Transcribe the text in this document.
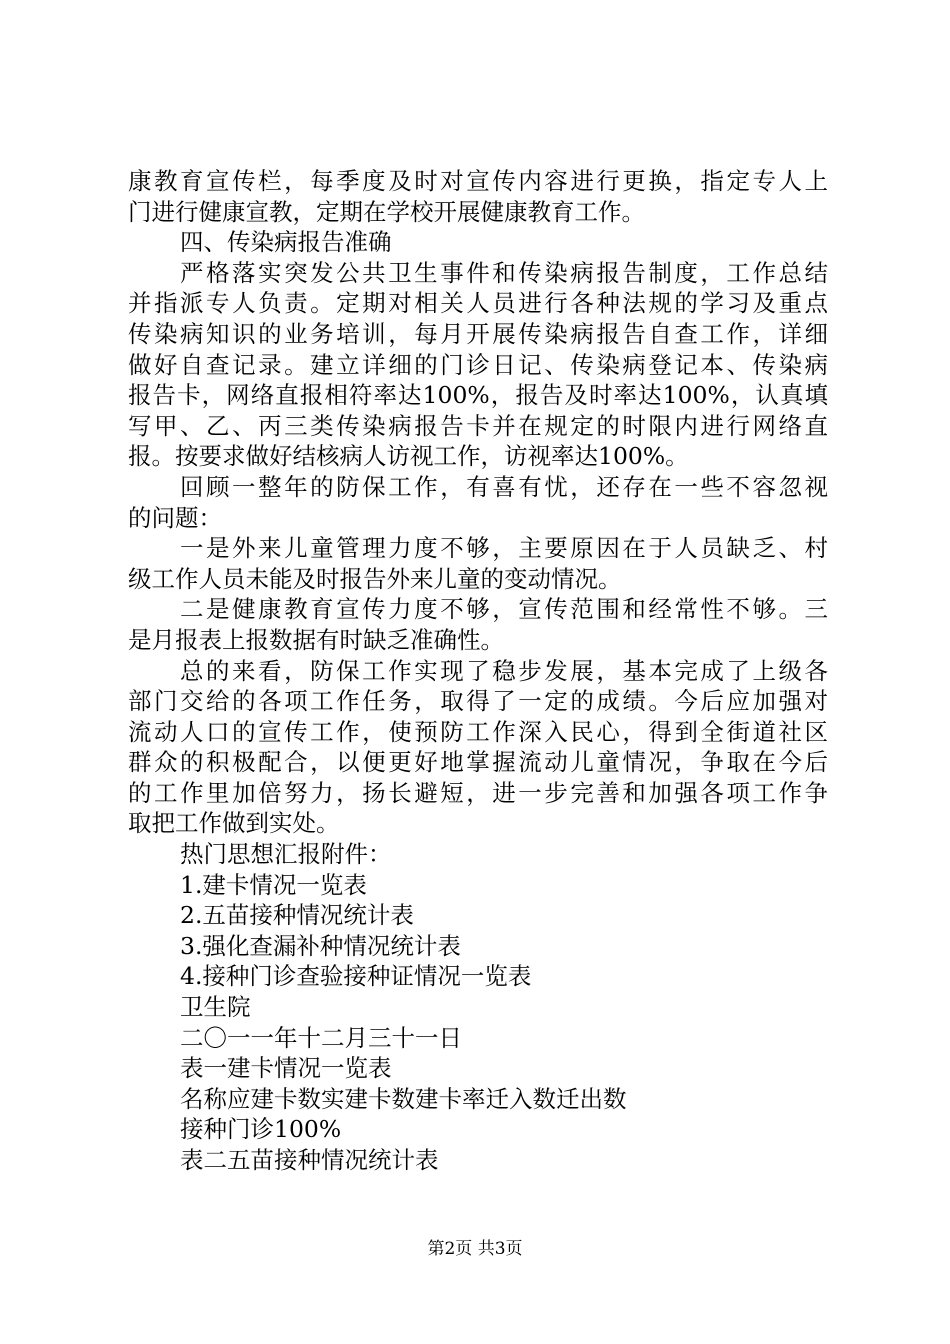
康教育宣传栏，每季度及时对宣传内容进行更换，指定专人上
门进行健康宣教，定期在学校开展健康教育工作。
四、传染病报告准确
严格落实突发公共卫生事件和传染病报告制度，工作总结
并指派专人负责。定期对相关人员进行各种法规的学习及重点
传染病知识的业务培训，每月开展传染病报告自查工作，详细
做好自查记录。建立详细的门诊日记、传染病登记本、传染病
报告卡，网络直报相符率达100%，报告及时率达100%，认真填
写甲、乙、丙三类传染病报告卡并在规定的时限内进行网络直
报。按要求做好结核病人访视工作，访视率达100%。
回顾一整年的防保工作，有喜有忧，还存在一些不容忽视
的问题：
一是外来儿童管理力度不够，主要原因在于人员缺乏、村
级工作人员未能及时报告外来儿童的变动情况。
二是健康教育宣传力度不够，宣传范围和经常性不够。三
是月报表上报数据有时缺乏准确性。
总的来看，防保工作实现了稳步发展，基本完成了上级各
部门交给的各项工作任务，取得了一定的成绩。今后应加强对
流动人口的宣传工作，使预防工作深入民心，得到全街道社区
群众的积极配合，以便更好地掌握流动儿童情况，争取在今后
的工作里加倍努力，扬长避短，进一步完善和加强各项工作争
取把工作做到实处。
热门思想汇报附件：
1.建卡情况一览表
2.五苗接种情况统计表
3.强化查漏补种情况统计表
4.接种门诊查验接种证情况一览表
卫生院
二〇一一年十二月三十一日
表一建卡情况一览表
名称应建卡数实建卡数建卡率迁入数迁出数
接种门诊100%
表二五苗接种情况统计表
第2页 共3页
